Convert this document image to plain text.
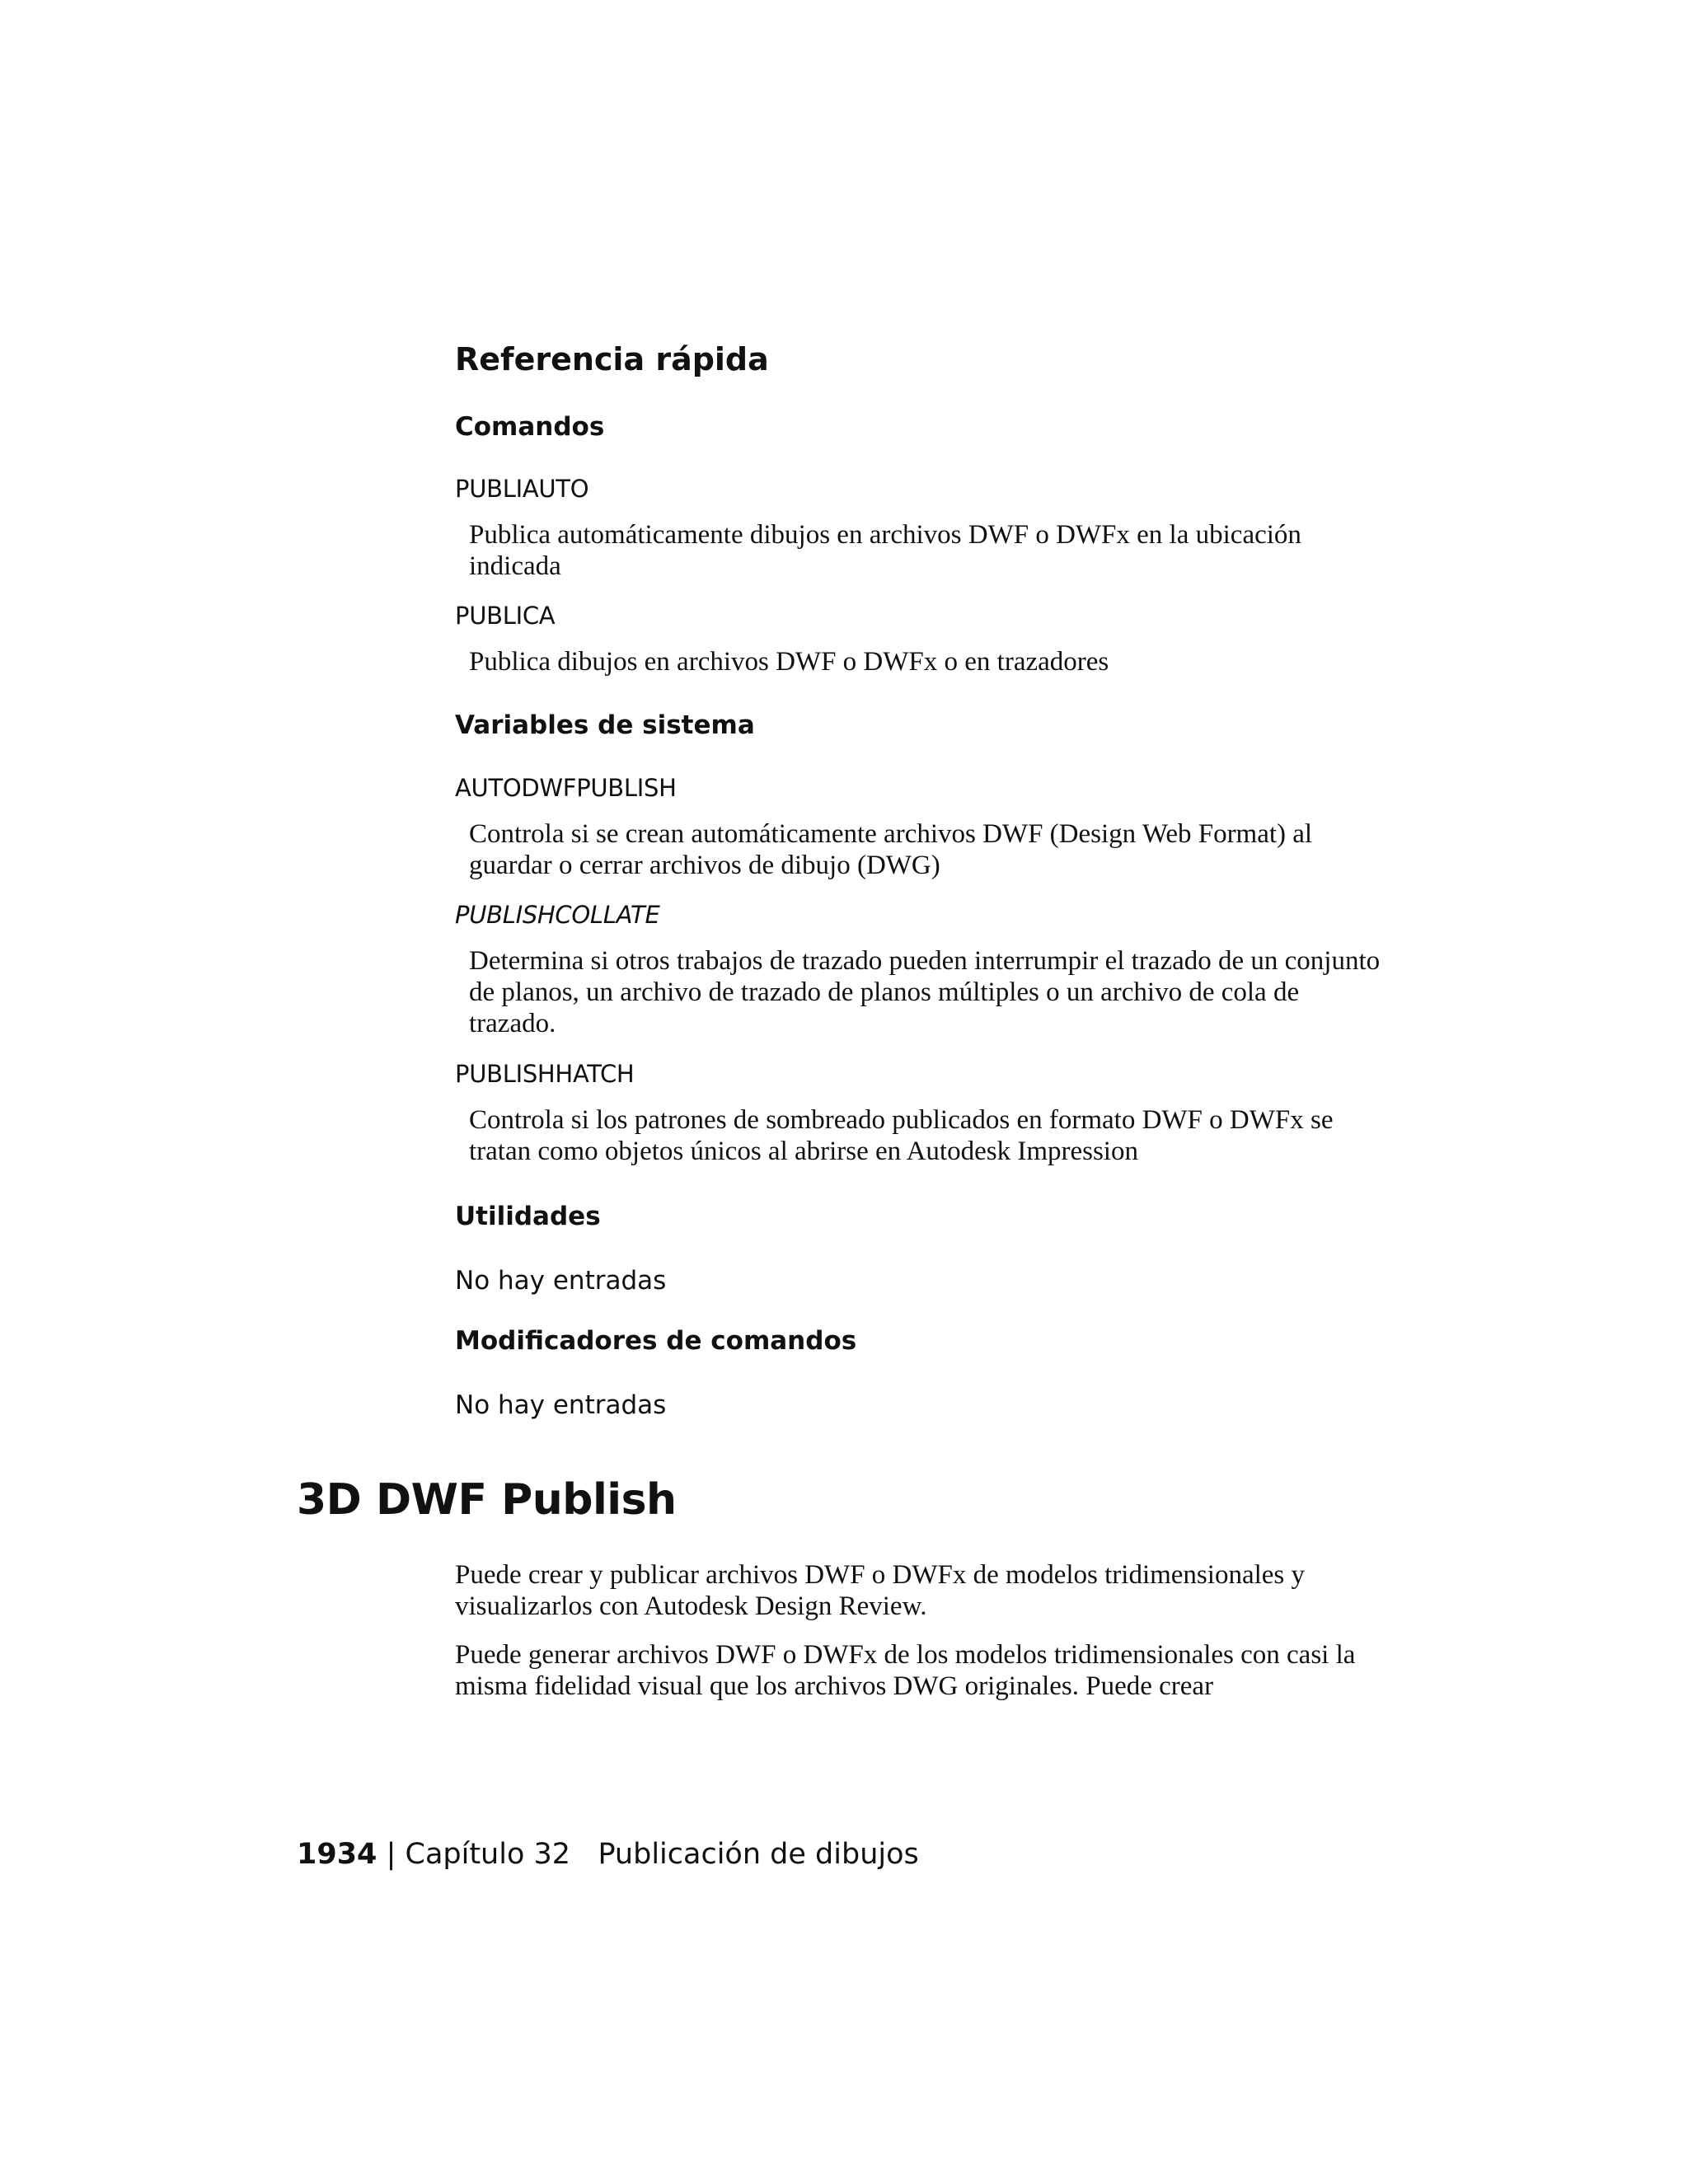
Referencia rápida
Comandos
PUBLIAUTO

Publica automáticamente dibujos en archivos DWF o DWFx en la ubicación indicada

PUBLICA

Publica dibujos en archivos DWF o DWFx o en trazadores

Variables de sistema
AUTODWFPUBLISH

Controla si se crean automáticamente archivos DWF (Design Web Format) al guardar o cerrar archivos de dibujo (DWG)

PUBLISHCOLLATE

Determina si otros trabajos de trazado pueden interrumpir el trazado de un conjunto de planos, un archivo de trazado de planos múltiples o un archivo de cola de trazado.

PUBLISHHATCH

Controla si los patrones de sombreado publicados en formato DWF o DWFx se tratan como objetos únicos al abrirse en Autodesk Impression

Utilidades

No hay entradas

Modificadores de comandos

No hay entradas

3D DWF Publish

Puede crear y publicar archivos DWF o DWFx de modelos tridimensionales y visualizarlos con Autodesk Design Review.

Puede generar archivos DWF o DWFx de los modelos tridimensionales con casi la misma fidelidad visual que los archivos DWG originales. Puede crear

1934 | Capítulo 32 Publicación de dibujos
